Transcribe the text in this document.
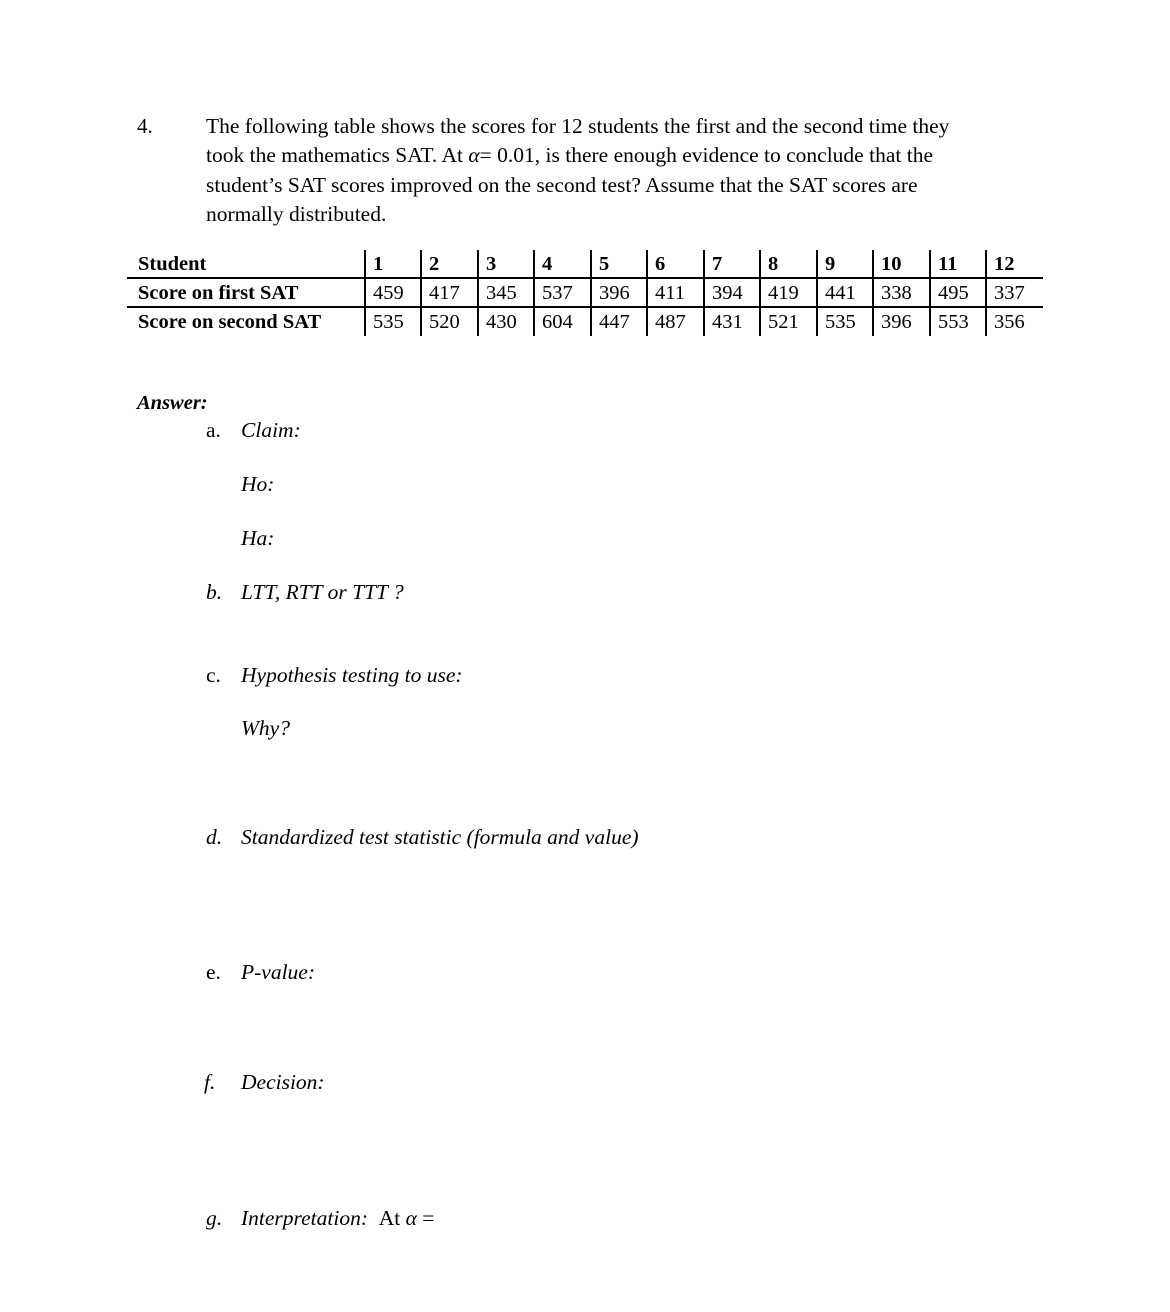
4. The following table shows the scores for 12 students the first and the second time they
took the mathematics SAT. At α= 0.01, is there enough evidence to conclude that the
student’s SAT scores improved on the second test? Assume that the SAT scores are
normally distributed.
Student
Score on first SAT
Score on second SAT
1
459
535
2
417
520
3
345
430
4
537
604
5
396
447
6
411
487
7
394
431
8
419
521
9
441
535
10
338
396
11
495
553
12
337
356
Answer:
a. Claim:
Ho:
Ha:
b. LTT, RTT or TTT ?
c. Hypothesis testing to use:
Why?
d. Standardized test statistic (formula and value)
e. P-value:
f. Decision:
g. Interpretation: At α =
